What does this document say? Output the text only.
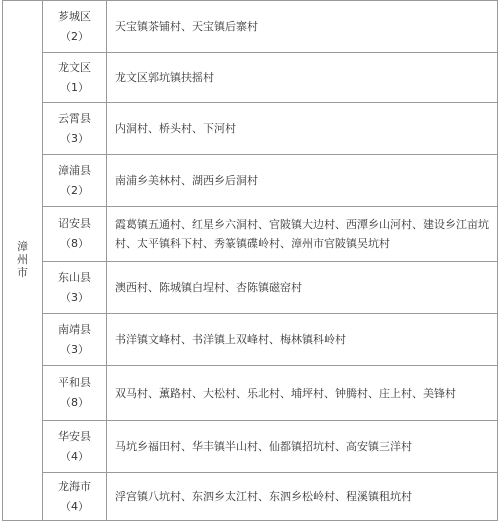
漳州市	芗城区
（2）	天宝镇茶铺村、天宝镇后寨村

	龙文区
（1）	龙文区郭坑镇扶摇村

	云霄县
（3）	内洞村、桥头村、下河村

	漳浦县
（2）	南浦乡美林村、湖西乡后洞村

	诏安县
（8）	霞葛镇五通村、红星乡六洞村、官陂镇大边村、西潭乡山河村、建设乡江亩坑村、太平镇科下村、秀篆镇碟岭村、漳州市官陂镇吴坑村

	东山县
（3）	澳西村、陈城镇白埕村、杏陈镇磁窑村

	南靖县
（3）	书洋镇文峰村、书洋镇上双峰村、梅林镇科岭村

	平和县
（8）	双马村、薰路村、大松村、乐北村、埔坪村、钟腾村、庄上村、美锋村

	华安县
（4）	马坑乡福田村、华丰镇半山村、仙都镇招坑村、高安镇三洋村

	龙海市
（4）	浮宫镇八坑村、东泗乡太江村、东泗乡松岭村、程溪镇租坑村
